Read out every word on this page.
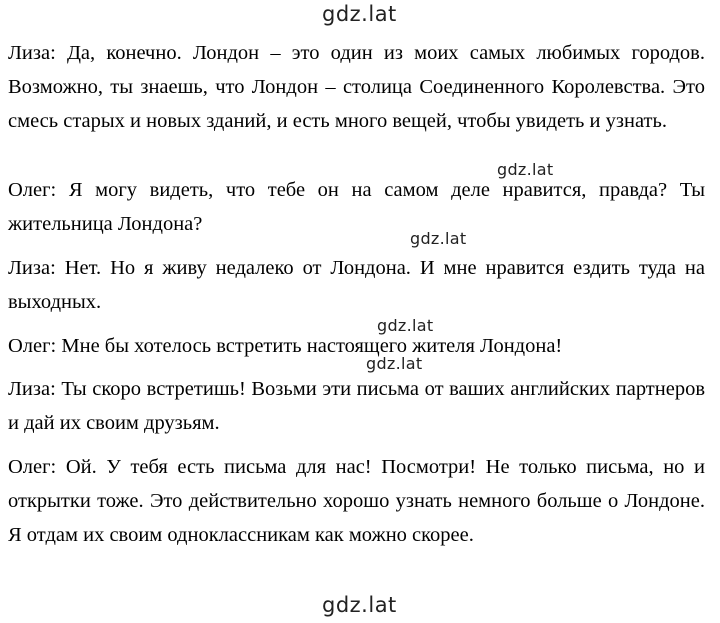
gdz.lat

Лиза: Да, конечно. Лондон – это один из моих самых любимых городов. Возможно, ты знаешь, что Лондон – столица Соединенного Королевства. Это смесь старых и новых зданий, и есть много вещей, чтобы увидеть и узнать.

gdz.lat

Олег: Я могу видеть, что тебе он на самом деле нравится, правда? Ты жительница Лондона?

gdz.lat

Лиза: Нет. Но я живу недалеко от Лондона. И мне нравится ездить туда на выходных.

Олег: Мне бы хотелось встретить настоящего жителя Лондона!

gdz.lat
gdz.lat

Лиза: Ты скоро встретишь! Возьми эти письма от ваших английских партнеров и дай их своим друзьям.

Олег: Ой. У тебя есть письма для нас! Посмотри! Не только письма, но и открытки тоже. Это действительно хорошо узнать немного больше о Лондоне. Я отдам их своим одноклассникам как можно скорее.

gdz.lat
